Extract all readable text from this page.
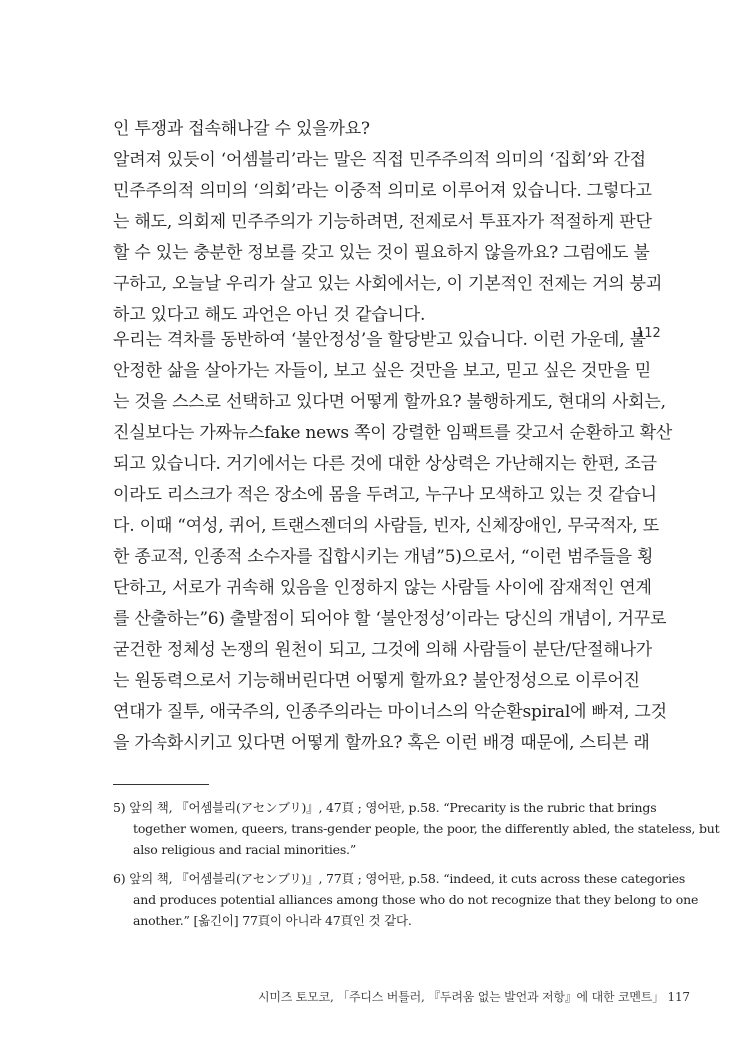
인 투쟁과 접속해나갈 수 있을까요?
알려져 있듯이 ‘어셈블리’라는 말은 직접 민주주의적 의미의 ‘집회’와 간접
민주주의적 의미의 ‘의회’라는 이중적 의미로 이루어져 있습니다. 그렇다고
는 해도, 의회제 민주주의가 기능하려면, 전제로서 투표자가 적절하게 판단
할 수 있는 충분한 정보를 갖고 있는 것이 필요하지 않을까요? 그럼에도 불
구하고, 오늘날 우리가 살고 있는 사회에서는, 이 기본적인 전제는 거의 붕괴
하고 있다고 해도 과언은 아닌 것 같습니다.
우리는 격차를 동반하여 ‘불안정성’을 할당받고 있습니다. 이런 가운데, 불
안정한 삶을 살아가는 자들이, 보고 싶은 것만을 보고, 믿고 싶은 것만을 믿
는 것을 스스로 선택하고 있다면 어떻게 할까요? 불행하게도, 현대의 사회는,
진실보다는 가짜뉴스fake news 쪽이 강렬한 임팩트를 갖고서 순환하고 확산
되고 있습니다. 거기에서는 다른 것에 대한 상상력은 가난해지는 한편, 조금
이라도 리스크가 적은 장소에 몸을 두려고, 누구나 모색하고 있는 것 같습니
다. 이때 “여성, 퀴어, 트랜스젠더의 사람들, 빈자, 신체장애인, 무국적자, 또
한 종교적, 인종적 소수자를 집합시키는 개념”5)으로서, “이런 범주들을 횡
단하고, 서로가 귀속해 있음을 인정하지 않는 사람들 사이에 잠재적인 연계
를 산출하는”6) 출발점이 되어야 할 ‘불안정성’이라는 당신의 개념이, 거꾸로
굳건한 정체성 논쟁의 원천이 되고, 그것에 의해 사람들이 분단/단절해나가
는 원동력으로서 기능해버린다면 어떻게 할까요? 불안정성으로 이루어진
연대가 질투, 애국주의, 인종주의라는 마이너스의 악순환spiral에 빠져, 그것
을 가속화시키고 있다면 어떻게 할까요? 혹은 이런 배경 때문에, 스티븐 래
112
5) 앞의 책, 『어셈블리(アセンブリ)』, 47頁 ; 영어판, p.58. “Precarity is the rubric that brings
together women, queers, trans-gender people, the poor, the differently abled, the stateless, but
also religious and racial minorities.”
6) 앞의 책, 『어셈블리(アセンブリ)』, 77頁 ; 영어판, p.58. “indeed, it cuts across these categories
and produces potential alliances among those who do not recognize that they belong to one
another.” [옮긴이] 77頁이 아니라 47頁인 것 같다.
시미즈 토모코, 「주디스 버틀러, 『두려움 없는 발언과 저항』에 대한 코멘트」 117
